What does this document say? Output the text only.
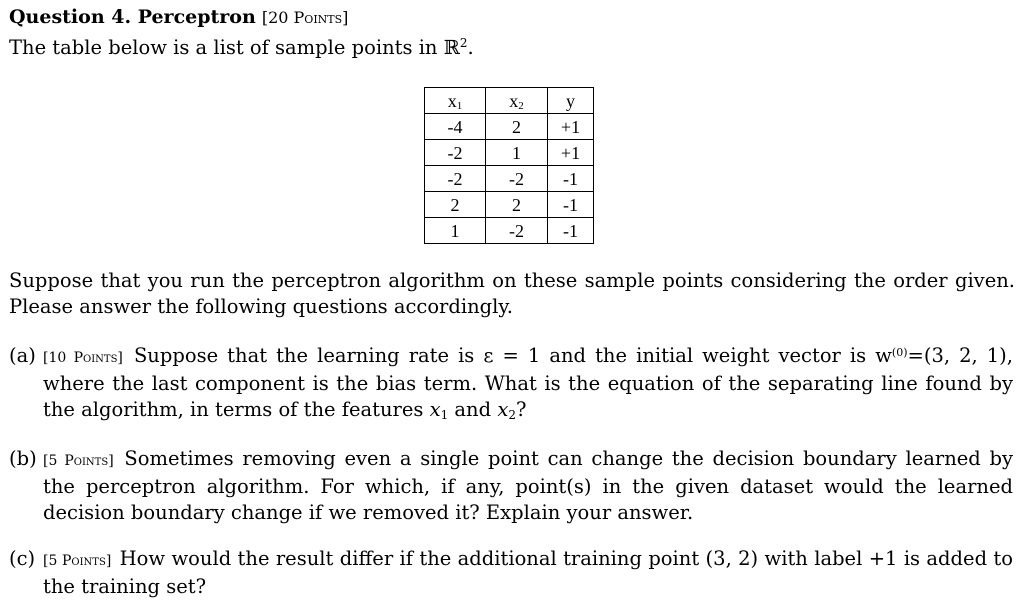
Question 4. Perceptron [20 Points]
The table below is a list of sample points in ℝ$^2$.
$x_1$	$x_2$	y
-4	2	+1
-2	1	+1
-2	-2	-1
2	2	-1
1	-2	-1
Suppose that you run the perceptron algorithm on these sample points considering the order given. Please answer the following questions accordingly.
(a) [10 Points] Suppose that the learning rate is ε = 1 and the initial weight vector is $w^{(0)}=(3$, 2, 1), where the last component is the bias term. What is the equation of the separating line found by the algorithm, in terms of the features $x_1$ and $x_2$?
(b) [5 Points] Sometimes removing even a single point can change the decision boundary learned by the perceptron algorithm. For which, if any, point(s) in the given dataset would the learned decision boundary change if we removed it? Explain your answer.
(c) [5 Points] How would the result differ if the additional training point (3, 2) with label +1 is added to the training set?
